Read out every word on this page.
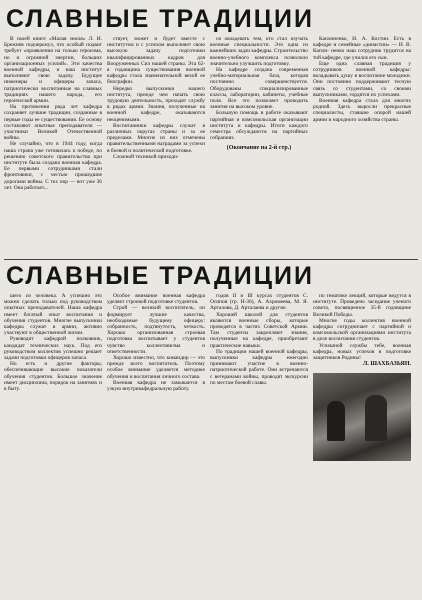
СЛАВНЫЕ ТРАДИЦИИ

В своей книге «Малая земля» Л. И. Брежнев подчеркнул, что особый подвиг требует «проявления на только героизма, но и огромной энергии, больших организационных усилий». Эти качества военной кафедры, и наш институт выполняют свою задачу. Будущие инженеры и офицеры запаса, патриотически воспитанные на славных традициях нашего народа, его героической армии.

На протяжении ряда лет кафедра сохраняет лучшие традиции, созданные в первые годы ее существования. Ее основу составляют опытные преподаватели — участники Великой Отечественной войны.

Не случайно, что в 1944 году, когда наша страна уже готовилась к победе, по решению советского правительства при институте была создана военная кафедра. Ее первыми сотрудниками стали фронтовики, с честью прошедшие дорогами войны. С тех пор — вот уже 36 лет. Она работает...

ствует, может и будет вместе с институтом и с успехом выполняет свою высокую задачу подготовки квалифицированных кадров для Вооруженных Сил нашей страны. Эта 62-я годовщина существования военной кафедры стала знаменательной вехой ее биографии.

Нередко выпускники нашего института, прежде чем начать свою трудовую деятельность, проходят службу в рядах армии. Знания, полученные на военной кафедре, оказываются неоценимыми.

Воспитанники кафедры служат в различных округах страны и за ее пределами. Многие из них отмечены правительственными наградами за успехи в боевой и политической подготовке.

Сложной техникой приходи-

ся овладевать тем, кто стал изучать военные специальности. Это одна из важнейших задач кафедры. Строительство военно-учебного комплекса позволило значительно улучшить подготовку.

На кафедре создана современная учебно-материальная база, которая постоянно совершенствуется. Оборудованы специализированные классы, лаборатории, кабинеты, учебные поля. Все это позволяет проводить занятия на высоком уровне.

Большую помощь в работе оказывают партийная и комсомольская организации института и кафедры. Итоги каждого семестра обсуждаются на партийных собраниях.

(Окончание на 2-й стр.)

Каплиненко, И. А. Костин. Есть в кафедре и семейные «династии» — И. В. Капли- ненко наш сотрудник трудится на той кафедре, где учился его сын.

Еще одна славная традиция у сотрудников военной кафедры: вкладывать душу в воспитание молодежи. Они постоянно поддерживают тесную связь со студентами, со своими выпускниками, гордятся их успехами.

Военная кафедра стала для многих родной. Здесь выросли прекрасные специалисты, ставшие опорой нашей армии и народного хозяйства страны.

СЛАВНЫЕ ТРАДИЦИИ

шего из человека. А успешно это можно сделать только под руководством опытных преподавателей. Наша кафедра имеет богатый опыт воспитания и обучения студентов. Многие выпускники кафедры служат в армии, активно участвуют в общественной жизни.

Руководит кафедрой полковник, кандидат технических наук. Под его руководством коллектив успешно решает задачи подготовки офицеров запаса.

Но есть и другие факторы, обеспечивающие высокие показатели обучения студентов. Большое значение имеет дисциплина, порядок на занятиях и в быту.

Особое внимание военная кафедра уделяет строевой подготовке студентов.

Строй — великий воспитатель, он формирует лучшие качества, необходимые будущему офицеру: собранность, подтянутость, четкость. Хорошо организованная строевая подготовка воспитывает у студентов чувство коллективизма и ответственности.

Хорошо известно, что командир — это прежде всего воспитатель. Поэтому особое внимание уделяется методике обучения и воспитания личного состава.

Военная кафедра не замыкается в узкую внутрикафедральную работу.

годов II и III курсах студентов С. Осипов (гр. Н-36), А. Ахромеева, М. Я. Арталова, Д. Арталаева и другие.

Хорошей школой для студентов являются военные сборы, которые проводятся в частях Советской Армии. Там студенты закрепляют знания, полученные на кафедре, приобретают практические навыки.

По традиции нашей военной кафедры, выпускники кафедры ежегодно принимают участие в военно-патриотической работе. Они встречаются с ветеранами войны, проводят экскурсии по местам боевой славы.

по тематике лекций, которые ведутся в институте. Проведено заседание ученого совета, посвященное 35-й годовщине Великой Победы.

Многие годы коллектив военной кафедры сотрудничает с партийной и комсомольской организациями института в деле воспитания студентов.

Успешной службы тебе, военная кафедра, новых успехов в подготовке защитников Родины!

Л. ШАХБАЗЬЯН.
